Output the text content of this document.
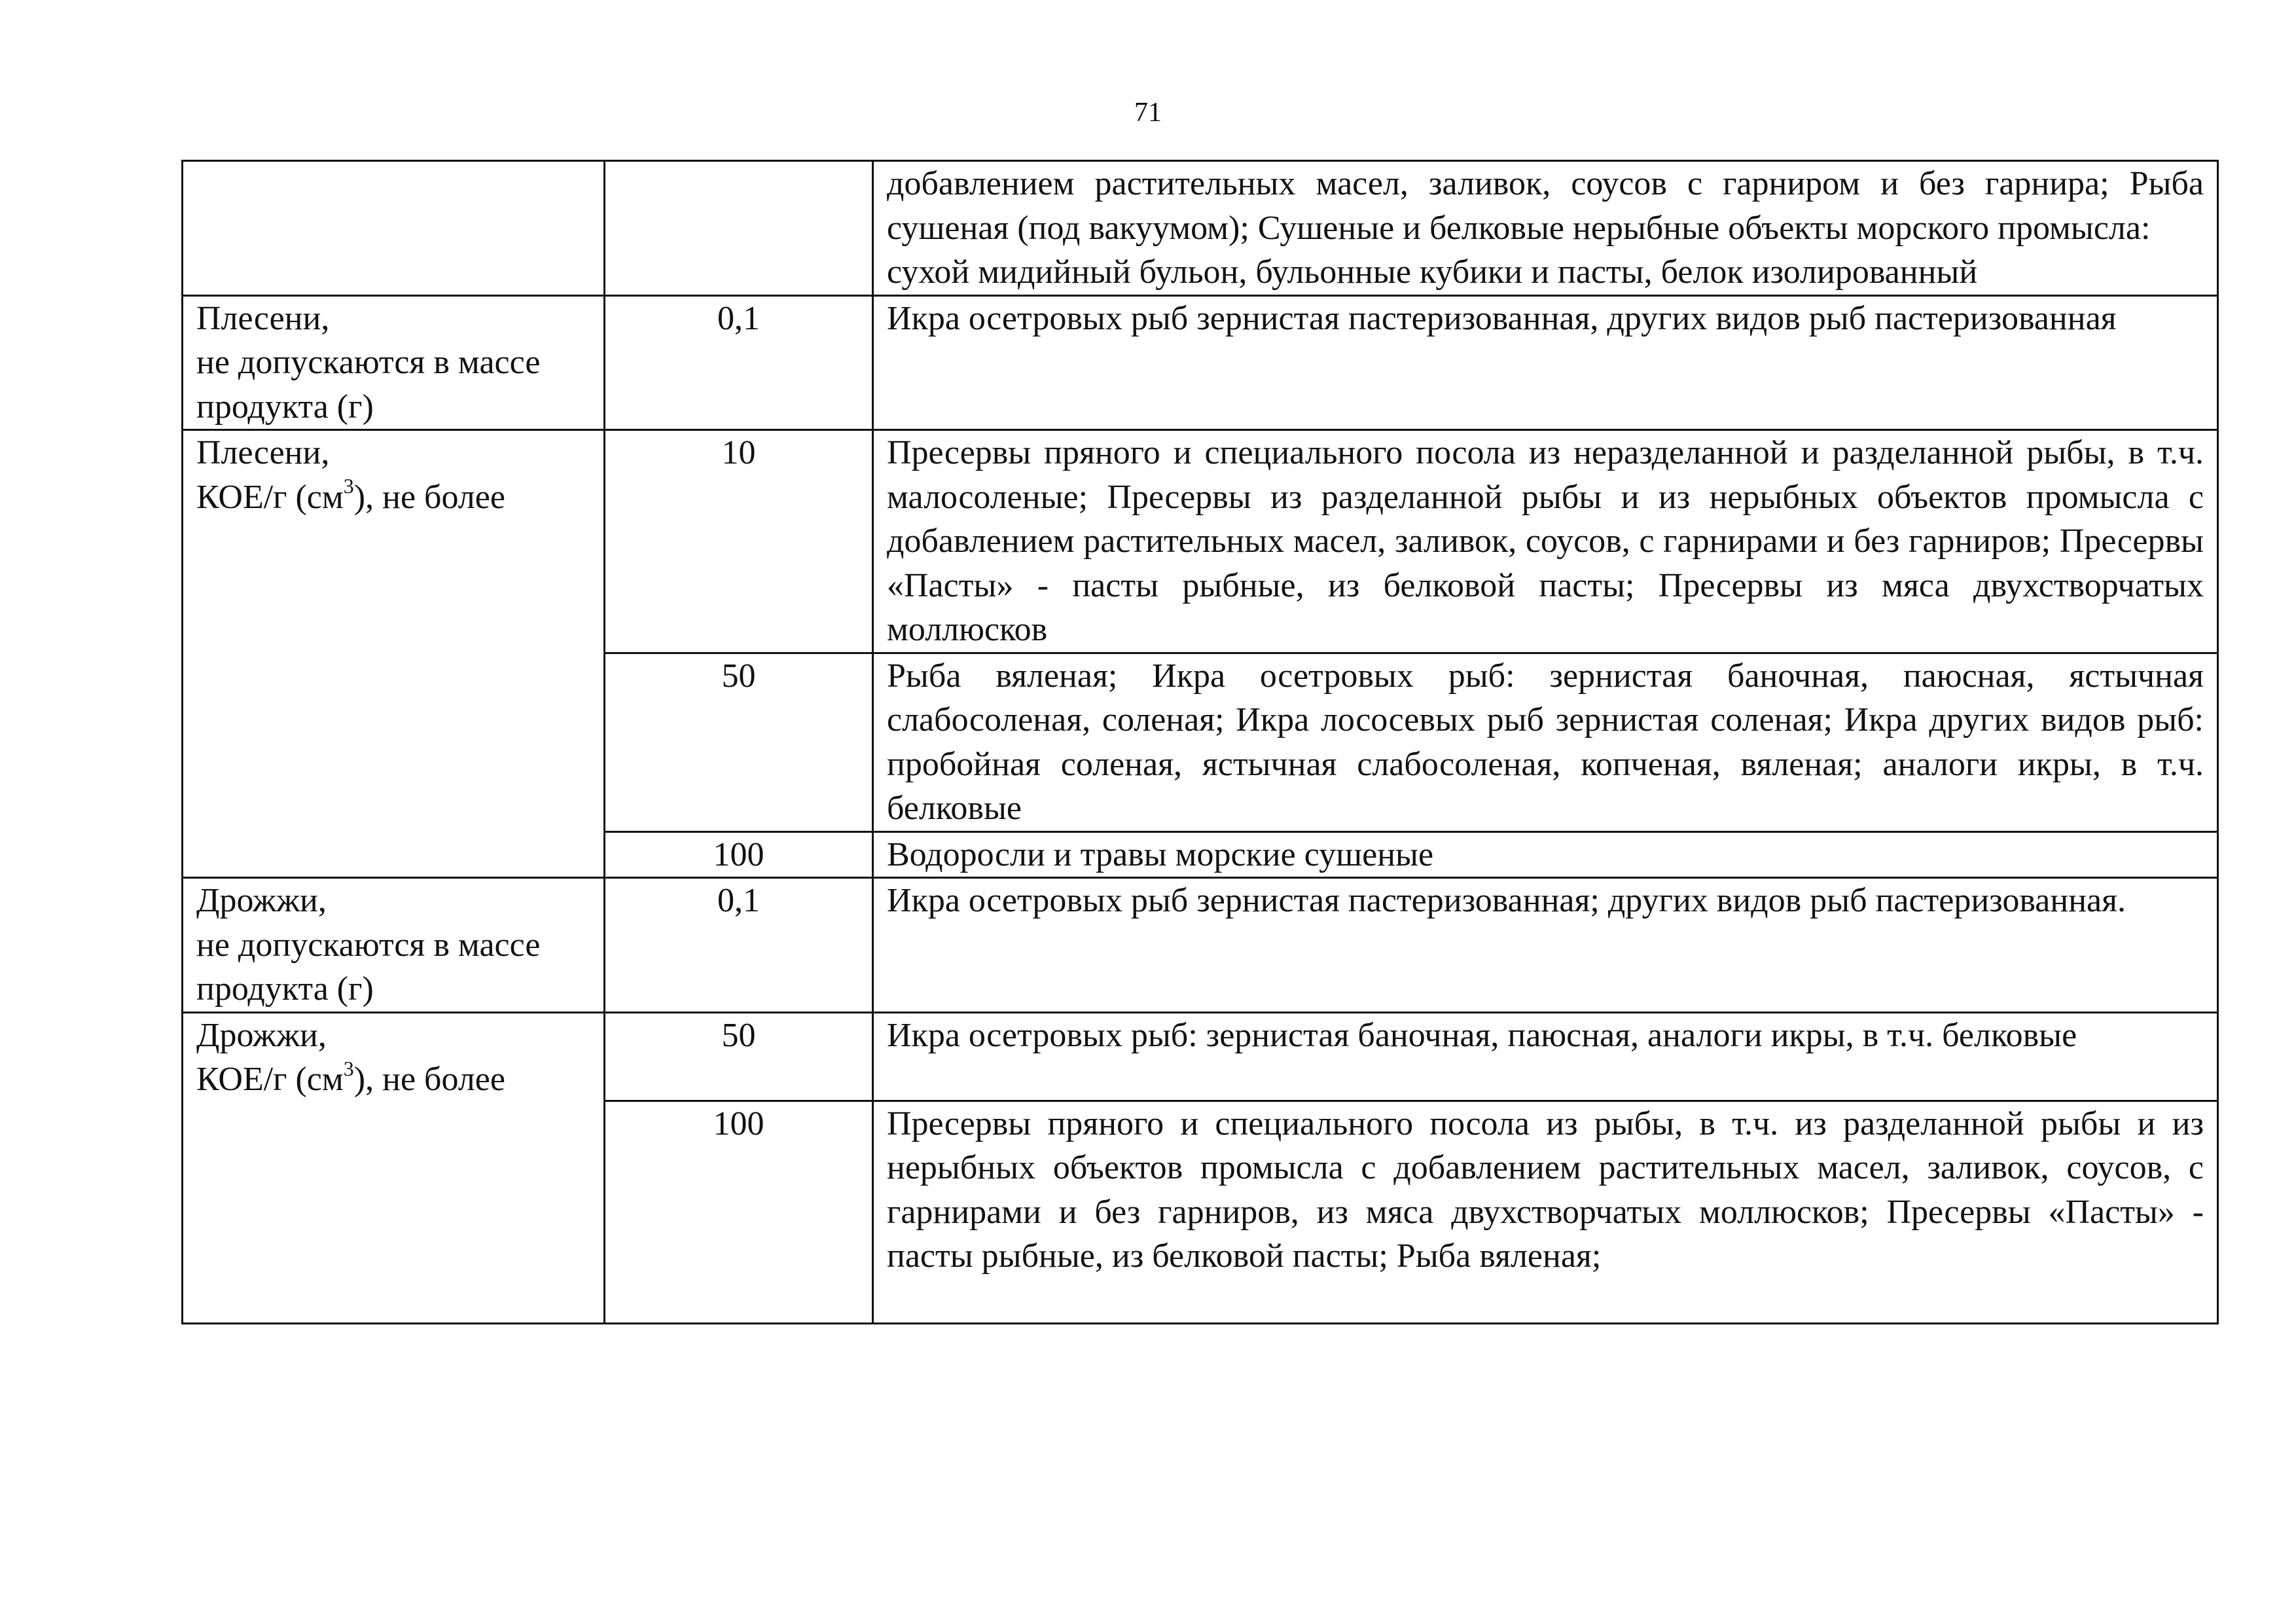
71

		добавлением растительных масел, заливок, соусов с гарниром и без гарнира; Рыба сушеная (под вакуумом); Сушеные и белковые нерыбные объекты морского промысла:
сухой мидийный бульон, бульонные кубики и пасты, белок изолированный

Плесени,
не допускаются в массе
продукта (г)	0,1	Икра осетровых рыб зернистая пастеризованная, других видов рыб пастеризованная

Плесени,
КОЕ/г $(см^3)$, не более	10	Пресервы пряного и специального посола из неразделанной и разделанной рыбы, в т.ч. малосоленые; Пресервы из разделанной рыбы и из нерыбных объектов промысла с добавлением растительных масел, заливок, соусов, с гарнирами и без гарниров; Пресервы «Пасты» - пасты рыбные, из белковой пасты; Пресервы из мяса двухстворчатых моллюсков
	50	Рыба вяленая; Икра осетровых рыб: зернистая баночная, паюсная, ястычная слабосоленая, соленая; Икра лососевых рыб зернистая соленая; Икра других видов рыб: пробойная соленая, ястычная слабосоленая, копченая, вяленая; аналоги икры, в т.ч. белковые
	100	Водоросли и травы морские сушеные

Дрожжи,
не допускаются в массе
продукта (г)	0,1	Икра осетровых рыб зернистая пастеризованная; других видов рыб пастеризованная.

Дрожжи,
КОЕ/г $(см^3)$, не более	50	Икра осетровых рыб: зернистая баночная, паюсная, аналоги икры, в т.ч. белковые
	100	Пресервы пряного и специального посола из рыбы, в т.ч. из разделанной рыбы и из нерыбных объектов промысла с добавлением растительных масел, заливок, соусов, с гарнирами и без гарниров, из мяса двухстворчатых моллюсков; Пресервы «Пасты» - пасты рыбные, из белковой пасты; Рыба вяленая;
